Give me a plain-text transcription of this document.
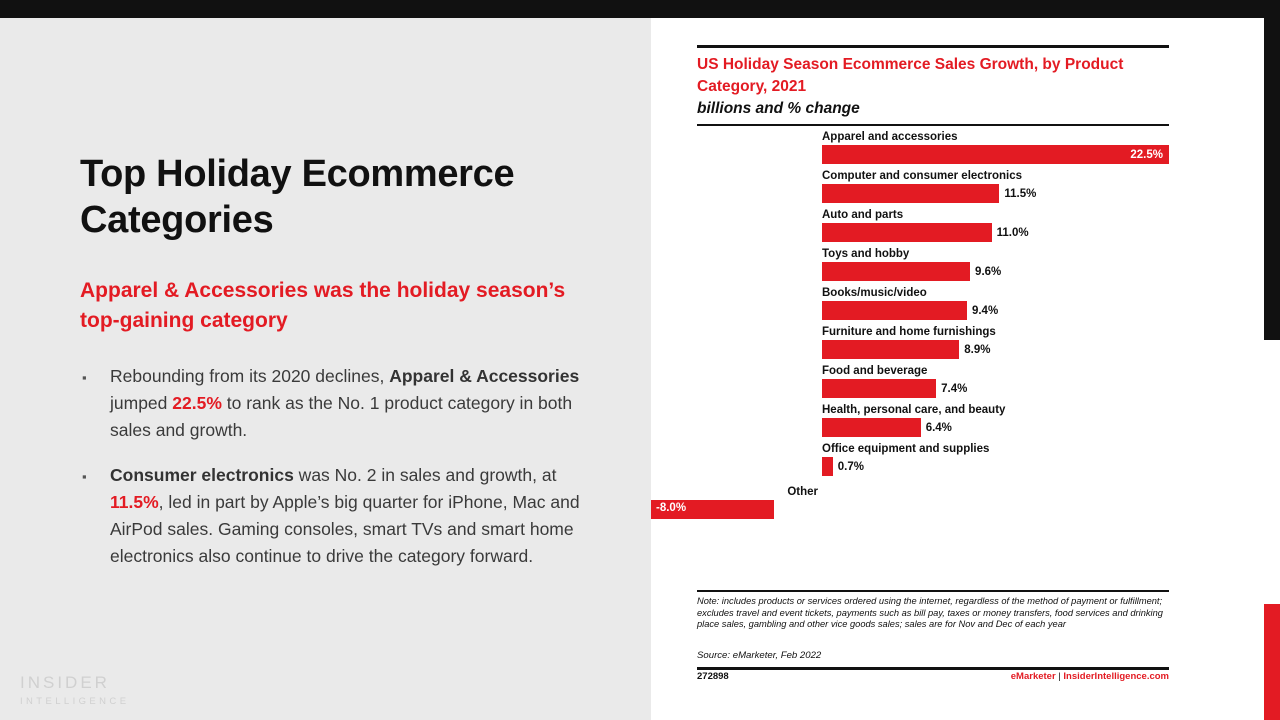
Top Holiday Ecommerce Categories
Apparel & Accessories was the holiday season’s top-gaining category
▪ Rebounding from its 2020 declines, Apparel & Accessories jumped 22.5% to rank as the No. 1 product category in both sales and growth.
▪ Consumer electronics was No. 2 in sales and growth, at 11.5%, led in part by Apple’s big quarter for iPhone, Mac and AirPod sales. Gaming consoles, smart TVs and smart home electronics also continue to drive the category forward.
INSIDER
INTELLIGENCE
US Holiday Season Ecommerce Sales Growth, by Product Category, 2021
billions and % change
Apparel and accessories
22.5%
Computer and consumer electronics
11.5%
Auto and parts
11.0%
Toys and hobby
9.6%
Books/music/video
9.4%
Furniture and home furnishings
8.9%
Food and beverage
7.4%
Health, personal care, and beauty
6.4%
Office equipment and supplies
0.7%
Other
-8.0%
Note: includes products or services ordered using the internet, regardless of the method of payment or fulfillment; excludes travel and event tickets, payments such as bill pay, taxes or money transfers, food services and drinking place sales, gambling and other vice goods sales; sales are for Nov and Dec of each year
Source: eMarketer, Feb 2022
272898	eMarketer | InsiderIntelligence.com
